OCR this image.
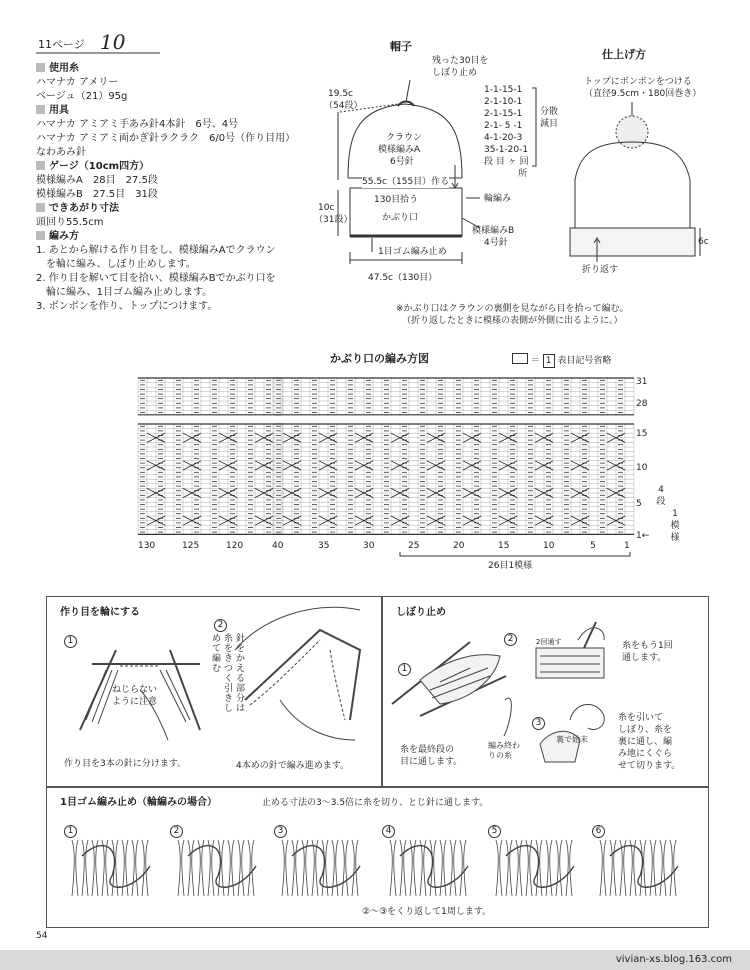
11ページ 10
使用糸
ハマナカ アメリー
ベージュ（21）95g
用具
ハマナカ アミアミ手あみ針4本針　6号、4号
ハマナカ アミアミ両かぎ針ラクラク　6/0号（作り目用）
なわあみ針
ゲージ（10cm四方）
模様編みA　28目　27.5段
模様編みB　27.5目　31段
できあがり寸法
頭回り55.5cm
編み方
1. あとから解ける作り目をし、模様編みAでクラウン
　を輪に編み、しぼり止めします。
2. 作り目を解いて目を拾い、模様編みBでかぶり口を
　輪に編み、1目ゴム編み止めします。
3. ボンボンを作り、トップにつけます。
帽子
残った30目を
しぼり止め
19.5c
（54段）
クラウン
模様編みA
6号針
1-1-15-1
2-1-10-1
2-1-15-1
2-1- 5 -1
4-1-20-3
35-1-20-1
段 目 ヶ 回
所
分散
減目
55.5c（155目）作る
130目拾う
かぶり口
輪編み
模様編みB
4号針
10c
（31段）
1目ゴム編み止め
47.5c（130目）
仕上げ方
トップにボンボンをつける
（直径9.5cm・180回巻き）
6c
折り返す
※かぶり口はクラウンの裏側を見ながら目を拾って編む。
（折り返したときに模様の表側が外側に出るように。）
かぶり口の編み方図	＝ 1 表目記号省略
31
28
15
10
5
1←
4
段
1
模
様
130	125	120	40	35	30	25	20	15	10	5	1
26目1模様
作り目を輪にする
1
2
ねじらない
ように注意
めて編む
糸をきつく引きし
針をかえる部分は
作り目を3本の針に分けます。	4本めの針で編み進めます。
しぼり止め
1
2
3
2回通す	糸をもう1回
通します。
糸を最終段の
目に通します。
編み終わ
りの糸
裏で始末
糸を引いて
しぼり、糸を
裏に通し、編
み地にくぐら
せて切ります。
1目ゴム編み止め（輪編みの場合）	止める寸法の3〜3.5倍に糸を切り、とじ針に通します。
1	2	3	4	5	6
②〜③をくり返して1周します。
54
vivian-xs.blog.163.com
